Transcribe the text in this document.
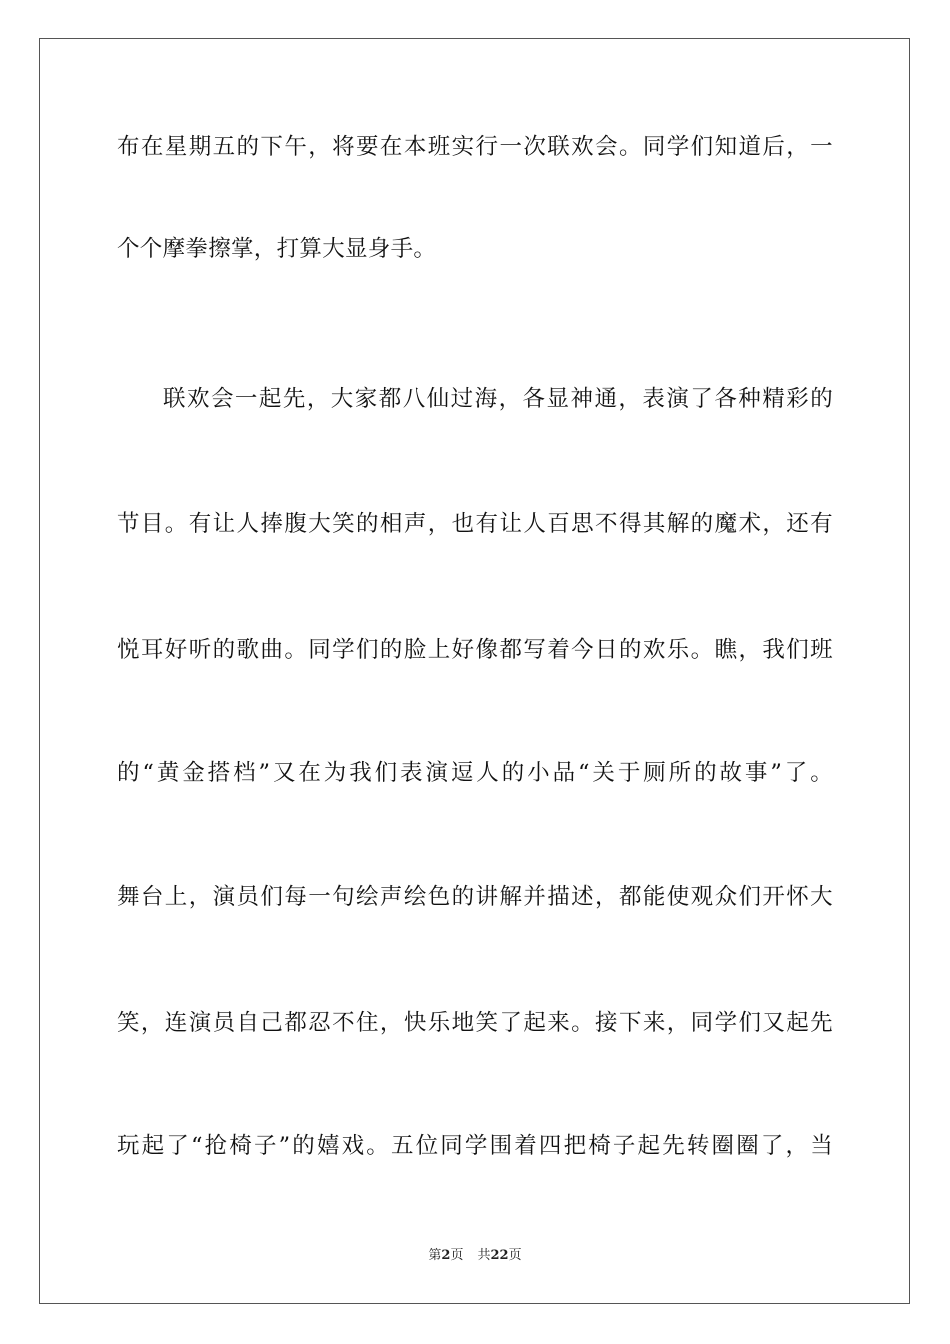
布在星期五的下午，将要在本班实行一次联欢会。同学们知道后，一
个个摩拳擦掌，打算大显身手。
联欢会一起先，大家都八仙过海，各显神通，表演了各种精彩的
节目。有让人捧腹大笑的相声，也有让人百思不得其解的魔术，还有
悦耳好听的歌曲。同学们的脸上好像都写着今日的欢乐。瞧，我们班
的“黄金搭档”又在为我们表演逗人的小品“关于厕所的故事”了。
舞台上，演员们每一句绘声绘色的讲解并描述，都能使观众们开怀大
笑，连演员自己都忍不住，快乐地笑了起来。接下来，同学们又起先
玩起了“抢椅子”的嬉戏。五位同学围着四把椅子起先转圈圈了，当
第2页 共22页
